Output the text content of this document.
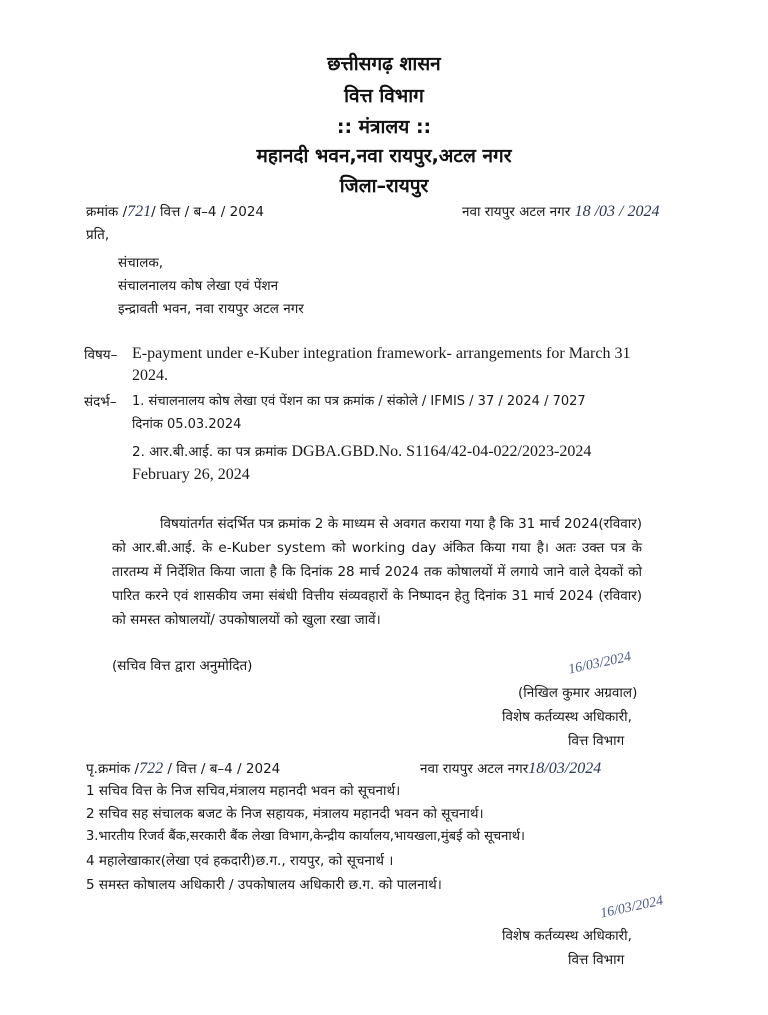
छत्तीसगढ़ शासन
वित्त विभाग
:: मंत्रालय ::
महानदी भवन,नवा रायपुर,अटल नगर
जिला–रायपुर
क्रमांक /721/ वित्त / ब–4 / 2024	नवा रायपुर अटल नगर 18 /03 / 2024
प्रति,
संचालक,
संचालनालय कोष लेखा एवं पेंशन
इन्द्रावती भवन, नवा रायपुर अटल नगर
विषय– E-payment under e-Kuber integration framework- arrangements for March 31
2024.
संदर्भ– 1. संचालनालय कोष लेखा एवं पेंशन का पत्र क्रमांक / संकोले / IFMIS / 37 / 2024 / 7027
दिनांक 05.03.2024
2. आर.बी.आई. का पत्र क्रमांक DGBA.GBD.No. S1164/42-04-022/2023-2024
February 26, 2024
विषयांतर्गत संदर्भित पत्र क्रमांक 2 के माध्यम से अवगत कराया गया है कि 31 मार्च 2024(रविवार) को आर.बी.आई. के e-Kuber system को working day अंकित किया गया है। अतः उक्त पत्र के तारतम्य में निर्देशित किया जाता है कि दिनांक 28 मार्च 2024 तक कोषालयों में लगाये जाने वाले देयकों को पारित करने एवं शासकीय जमा संबंधी वित्तीय संव्यवहारों के निष्पादन हेतु दिनांक 31 मार्च 2024 (रविवार) को समस्त कोषालयों/ उपकोषालयों को खुला रखा जावें।
(सचिव वित्त द्वारा अनुमोदित)	16/03/2024
(निखिल कुमार अग्रवाल)
विशेष कर्तव्यस्थ अधिकारी,
वित्त विभाग
पृ.क्रमांक /722 / वित्त / ब–4 / 2024	नवा रायपुर अटल नगर18/03/2024
1 सचिव वित्त के निज सचिव,मंत्रालय महानदी भवन को सूचनार्थ।
2 सचिव सह संचालक बजट के निज सहायक, मंत्रालय महानदी भवन को सूचनार्थ।
3.भारतीय रिजर्व बैंक,सरकारी बैंक लेखा विभाग,केन्द्रीय कार्यालय,भायखला,मुंबई को सूचनार्थ।
4 महालेखाकार(लेखा एवं हकदारी)छ.ग., रायपुर, को सूचनार्थ ।
5 समस्त कोषालय अधिकारी / उपकोषालय अधिकारी छ.ग. को पालनार्थ।
16/03/2024
विशेष कर्तव्यस्थ अधिकारी,
वित्त विभाग
